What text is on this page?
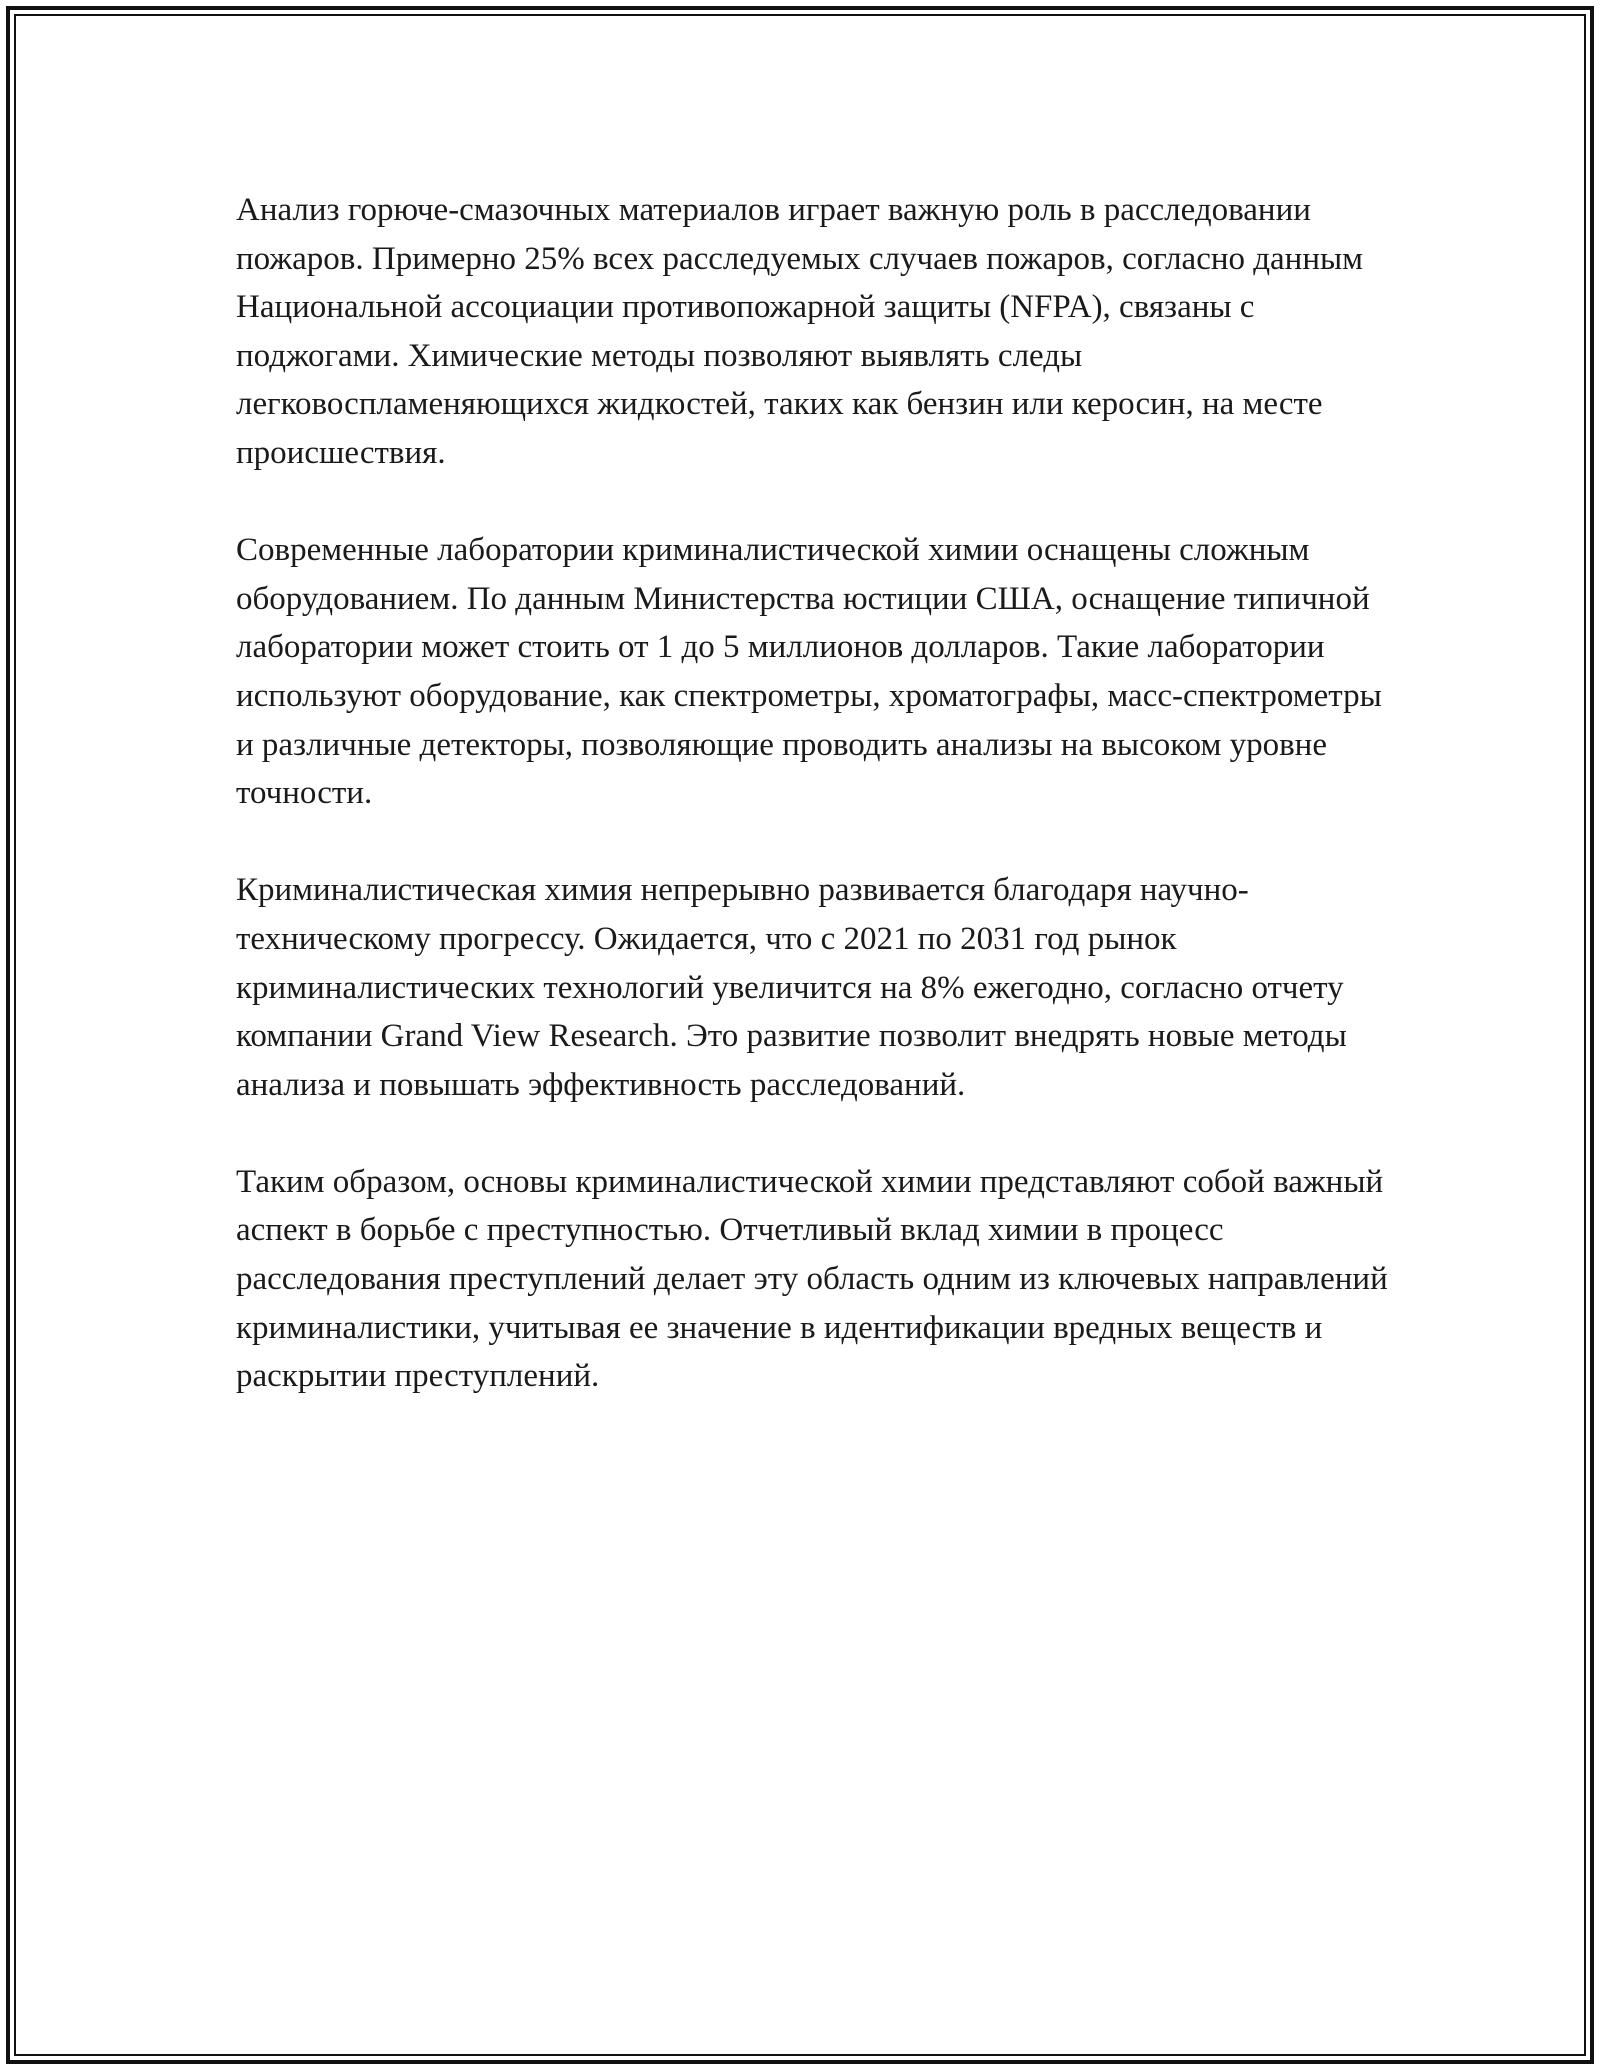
Анализ горюче-смазочных материалов играет важную роль в расследовании пожаров. Примерно 25% всех расследуемых случаев пожаров, согласно данным Национальной ассоциации противопожарной защиты (NFPA), связаны с поджогами. Химические методы позволяют выявлять следы легковоспламеняющихся жидкостей, таких как бензин или керосин, на месте происшествия.

Современные лаборатории криминалистической химии оснащены сложным оборудованием. По данным Министерства юстиции США, оснащение типичной лаборатории может стоить от 1 до 5 миллионов долларов. Такие лаборатории используют оборудование, как спектрометры, хроматографы, масс-спектрометры и различные детекторы, позволяющие проводить анализы на высоком уровне точности.

Криминалистическая химия непрерывно развивается благодаря научно-техническому прогрессу. Ожидается, что с 2021 по 2031 год рынок криминалистических технологий увеличится на 8% ежегодно, согласно отчету компании Grand View Research. Это развитие позволит внедрять новые методы анализа и повышать эффективность расследований.

Таким образом, основы криминалистической химии представляют собой важный аспект в борьбе с преступностью. Отчетливый вклад химии в процесс расследования преступлений делает эту область одним из ключевых направлений криминалистики, учитывая ее значение в идентификации вредных веществ и раскрытии преступлений.
